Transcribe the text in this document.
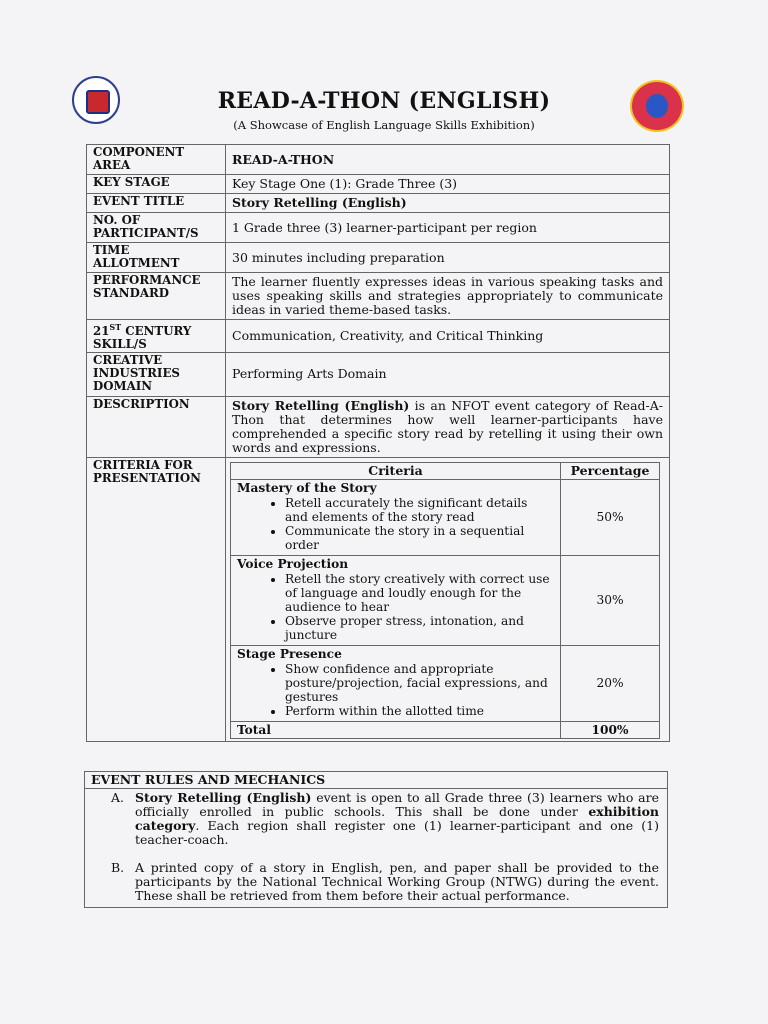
READ-A-THON (ENGLISH)
(A Showcase of English Language Skills Exhibition)
COMPONENT AREA	READ-A-THON
KEY STAGE	Key Stage One (1): Grade Three (3)
EVENT TITLE	Story Retelling (English)
NO. OF PARTICIPANT/S	1 Grade three (3) learner-participant per region
TIME ALLOTMENT	30 minutes including preparation
PERFORMANCE STANDARD	The learner fluently expresses ideas in various speaking tasks and uses speaking skills and strategies appropriately to communicate ideas in varied theme-based tasks.
21ST CENTURY SKILL/S	Communication, Creativity, and Critical Thinking
CREATIVE INDUSTRIES DOMAIN	Performing Arts Domain
DESCRIPTION	Story Retelling (English) is an NFOT event category of Read-A-Thon that determines how well learner-participants have comprehended a specific story read by retelling it using their own words and expressions.
CRITERIA FOR PRESENTATION		Criteria	Percentage

Mastery of the Story
• Retell accurately the significant details and elements of the story read
• Communicate the story in a sequential order
	50%

Voice Projection
• Retell the story creatively with correct use of language and loudly enough for the audience to hear
• Observe proper stress, intonation, and juncture
	30%

Stage Presence
• Show confidence and appropriate posture/projection, facial expressions, and gestures
• Perform within the allotted time
	20%
Total	100%
EVENT RULES AND MECHANICS

A. Story Retelling (English) event is open to all Grade three (3) learners who are officially enrolled in public schools. This shall be done under exhibition category. Each region shall register one (1) learner-participant and one (1) teacher-coach.
B. A printed copy of a story in English, pen, and paper shall be provided to the participants by the National Technical Working Group (NTWG) during the event. These shall be retrieved from them before their actual performance.
